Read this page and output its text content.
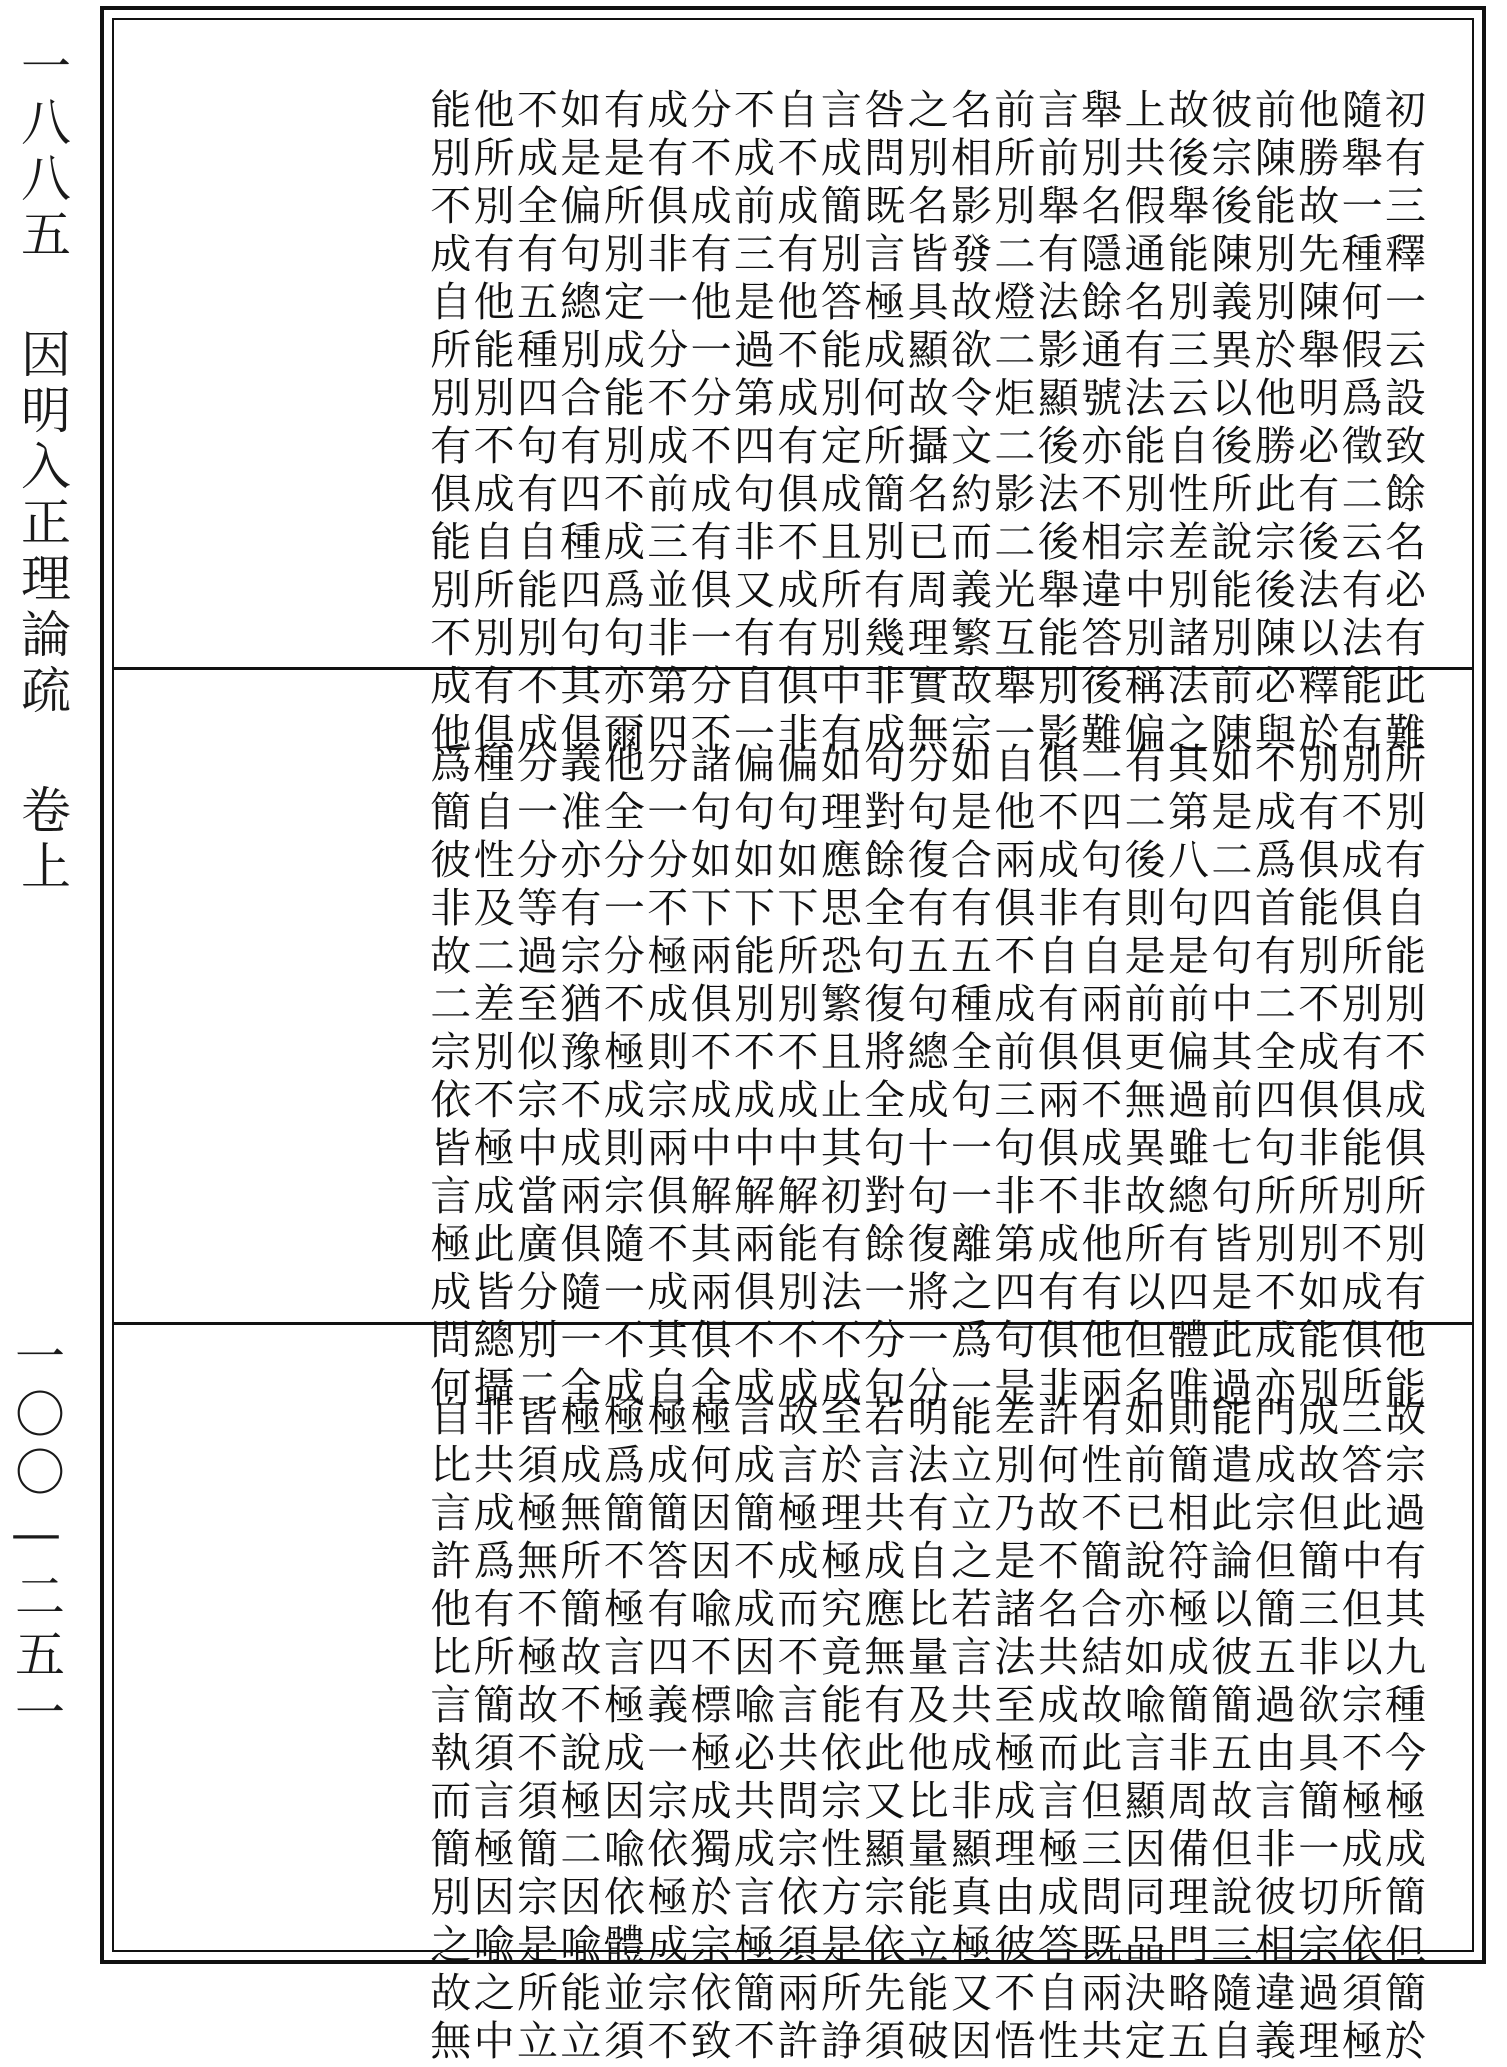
一八八五 因明入正理論疏 卷上
一〇〇—二五一
初有三釋一云設致餘名必有此難
隨舉一種何假爲徵二云有法能有
他勝故先陳舉明必有後法以釋於
前陳能別別於他勝此宗後陳必與
彼宗後陳義異以後所說能別前陳
故後舉能別三云自性差別諸法之
上共假通名有法能別宗中別稱偏
舉別名隱餘通號亦不相違答後難
言前舉有法影顯後法後舉能別影
前所別二燈二炬二影二光互舉一
名相影發故欲令文約而義繁故宗
之別名皆具顯故攝名已周理實無
咎問既言極成何所簡別有幾非成
言成簡別答能別定成且所別中有
自不成有他不成有俱不成有俱非
不成前三是過第四句非又有自一
分不成有他一分不成有俱一分不
成有俱非一分不成前三並非第四
有是所別定成能別不成爲句亦爾
如是偏句總別合有四種四句其俱
不成全有五種四句有自能別不成
他所別有他能別不成自所別有俱
能別不成自所別有俱能別不成他
所別有自能別不成俱所別有他能
別不成俱所別有俱能別不成俱所
別有俱能別不成俱非所別如能別
不成爲首有二全四句所別不成亦
如是二四句中其前七句皆是此過
其第八句是前偏過雖總有四體唯
有二後則是前更無異故所以但名
二四句有自兩俱不成非他有他兩
俱不成非自有俱兩俱不成有俱非
自他兩俱不成前三句非第四句是
如是合有五種全句一一離之爲一
分句復有五句總成十句復將一分
句對餘全句復將全句對餘一分句
如理應思恐繁且止其初有法不成
偏句如下所別不成中解能別不成
偏句如下能別不成中解兩俱不成
諸句如下兩俱不成中解其兩俱全
分一分不極成則宗兩俱不成其自
他全分一分不極成則宗隨一不成
義准亦有宗猶豫不成兩俱隨一全
分一分等過至似宗中當廣分別二
種自性及二差別不極成此皆總攝
爲簡彼非故二宗依皆言極成問何
故宗過有其九種今極成簡但簡於
三答此中但以宗不極成所依須極
成故但簡三非欲具簡一切宗過理
門成宗但簡五過由言非彼相違義
能遣此論以彼簡五故但說三隨自
則簡相符極成簡非周備理門略五
如前已說亦如喩言顯因同品決定
有性不簡合結故此但三問既兩共
許何故不名共成而言極成答自性
差別乃是諸法至極成理由彼不悟
能立立之若言共成非顯真極又因
明法有自比量及他比量能立能破
若言共成應無有此又顯宗依先須
至於理極究竟能依宗性方是所諍
故言極成而不言共問宗依須兩許
言成簡不成因喩必共成言極簡不
極何因因喩不標極成獨於宗依致
極成簡答有四義一宗依極成宗不
極爲簡不極言極成因喩依體並須
極成無所簡故不說極二因喩能立
皆須極無不極故不須簡宗是所立
非共成爲有所簡須言極因喩之中
自比言許他比言執而簡別之故無
